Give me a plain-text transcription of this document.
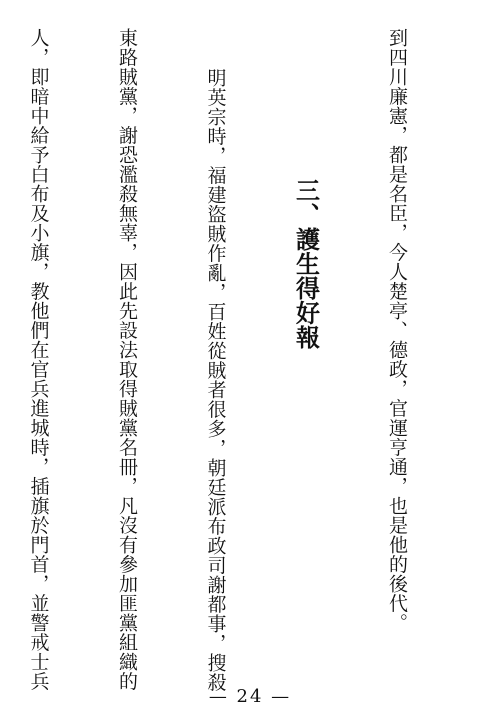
到四川廉憲，都是名臣，今人楚亭、德政，官運亨通，也是他的後代。

三、護生得好報

明英宗時，福建盜賊作亂，百姓從賊者很多，朝廷派布政司謝都事，搜殺

東路賊黨，謝恐濫殺無辜，因此先設法取得賊黨名冊，凡沒有參加匪黨組織的

人，即暗中給予白布及小旗，教他們在官兵進城時，插旗於門首，並警戒士兵

— 24 —
